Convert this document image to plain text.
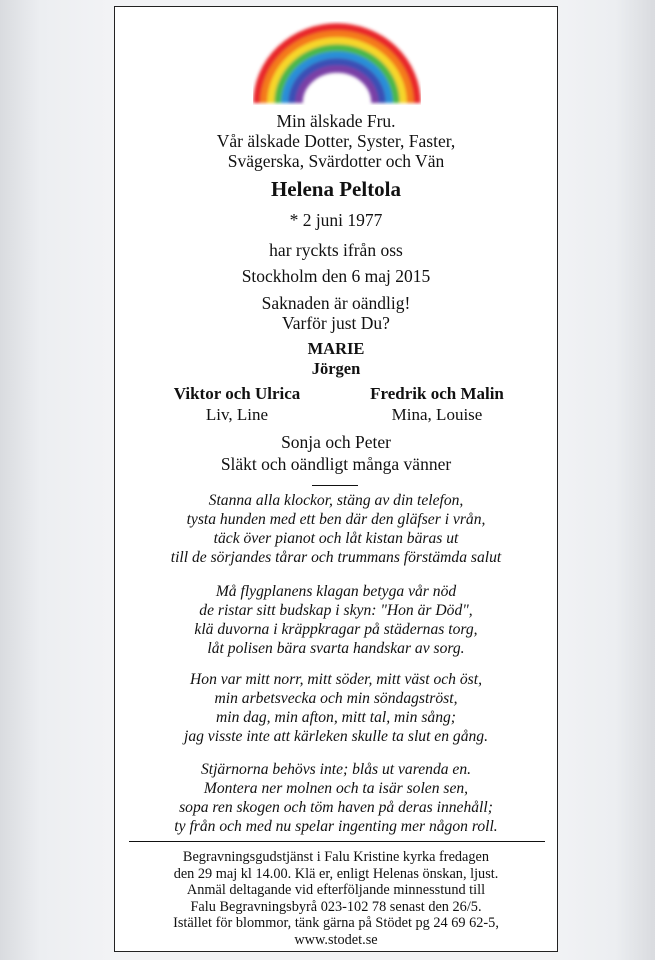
Min älskade Fru.
Vår älskade Dotter, Syster, Faster,
Svägerska, Svärdotter och Vän
Helena Peltola
* 2 juni 1977
har ryckts ifrån oss
Stockholm den 6 maj 2015
Saknaden är oändlig!
Varför just Du?
MARIE
Jörgen
Viktor och Ulrica
Liv, Line
Fredrik och Malin
Mina, Louise
Sonja och Peter
Släkt och oändligt många vänner
Stanna alla klockor, stäng av din telefon,
tysta hunden med ett ben där den gläfser i vrån,
täck över pianot och låt kistan bäras ut
till de sörjandes tårar och trummans förstämda salut
Må flygplanens klagan betyga vår nöd
de ristar sitt budskap i skyn: "Hon är Död",
klä duvorna i kräppkragar på städernas torg,
låt polisen bära svarta handskar av sorg.
Hon var mitt norr, mitt söder, mitt väst och öst,
min arbetsvecka och min söndagströst,
min dag, min afton, mitt tal, min sång;
jag visste inte att kärleken skulle ta slut en gång.
Stjärnorna behövs inte; blås ut varenda en.
Montera ner molnen och ta isär solen sen,
sopa ren skogen och töm haven på deras innehåll;
ty från och med nu spelar ingenting mer någon roll.
Begravningsgudstjänst i Falu Kristine kyrka fredagen
den 29 maj kl 14.00. Klä er, enligt Helenas önskan, ljust.
Anmäl deltagande vid efterföljande minnesstund till
Falu Begravningsbyrå 023-102 78 senast den 26/5.
Istället för blommor, tänk gärna på Stödet pg 24 69 62-5,
www.stodet.se
